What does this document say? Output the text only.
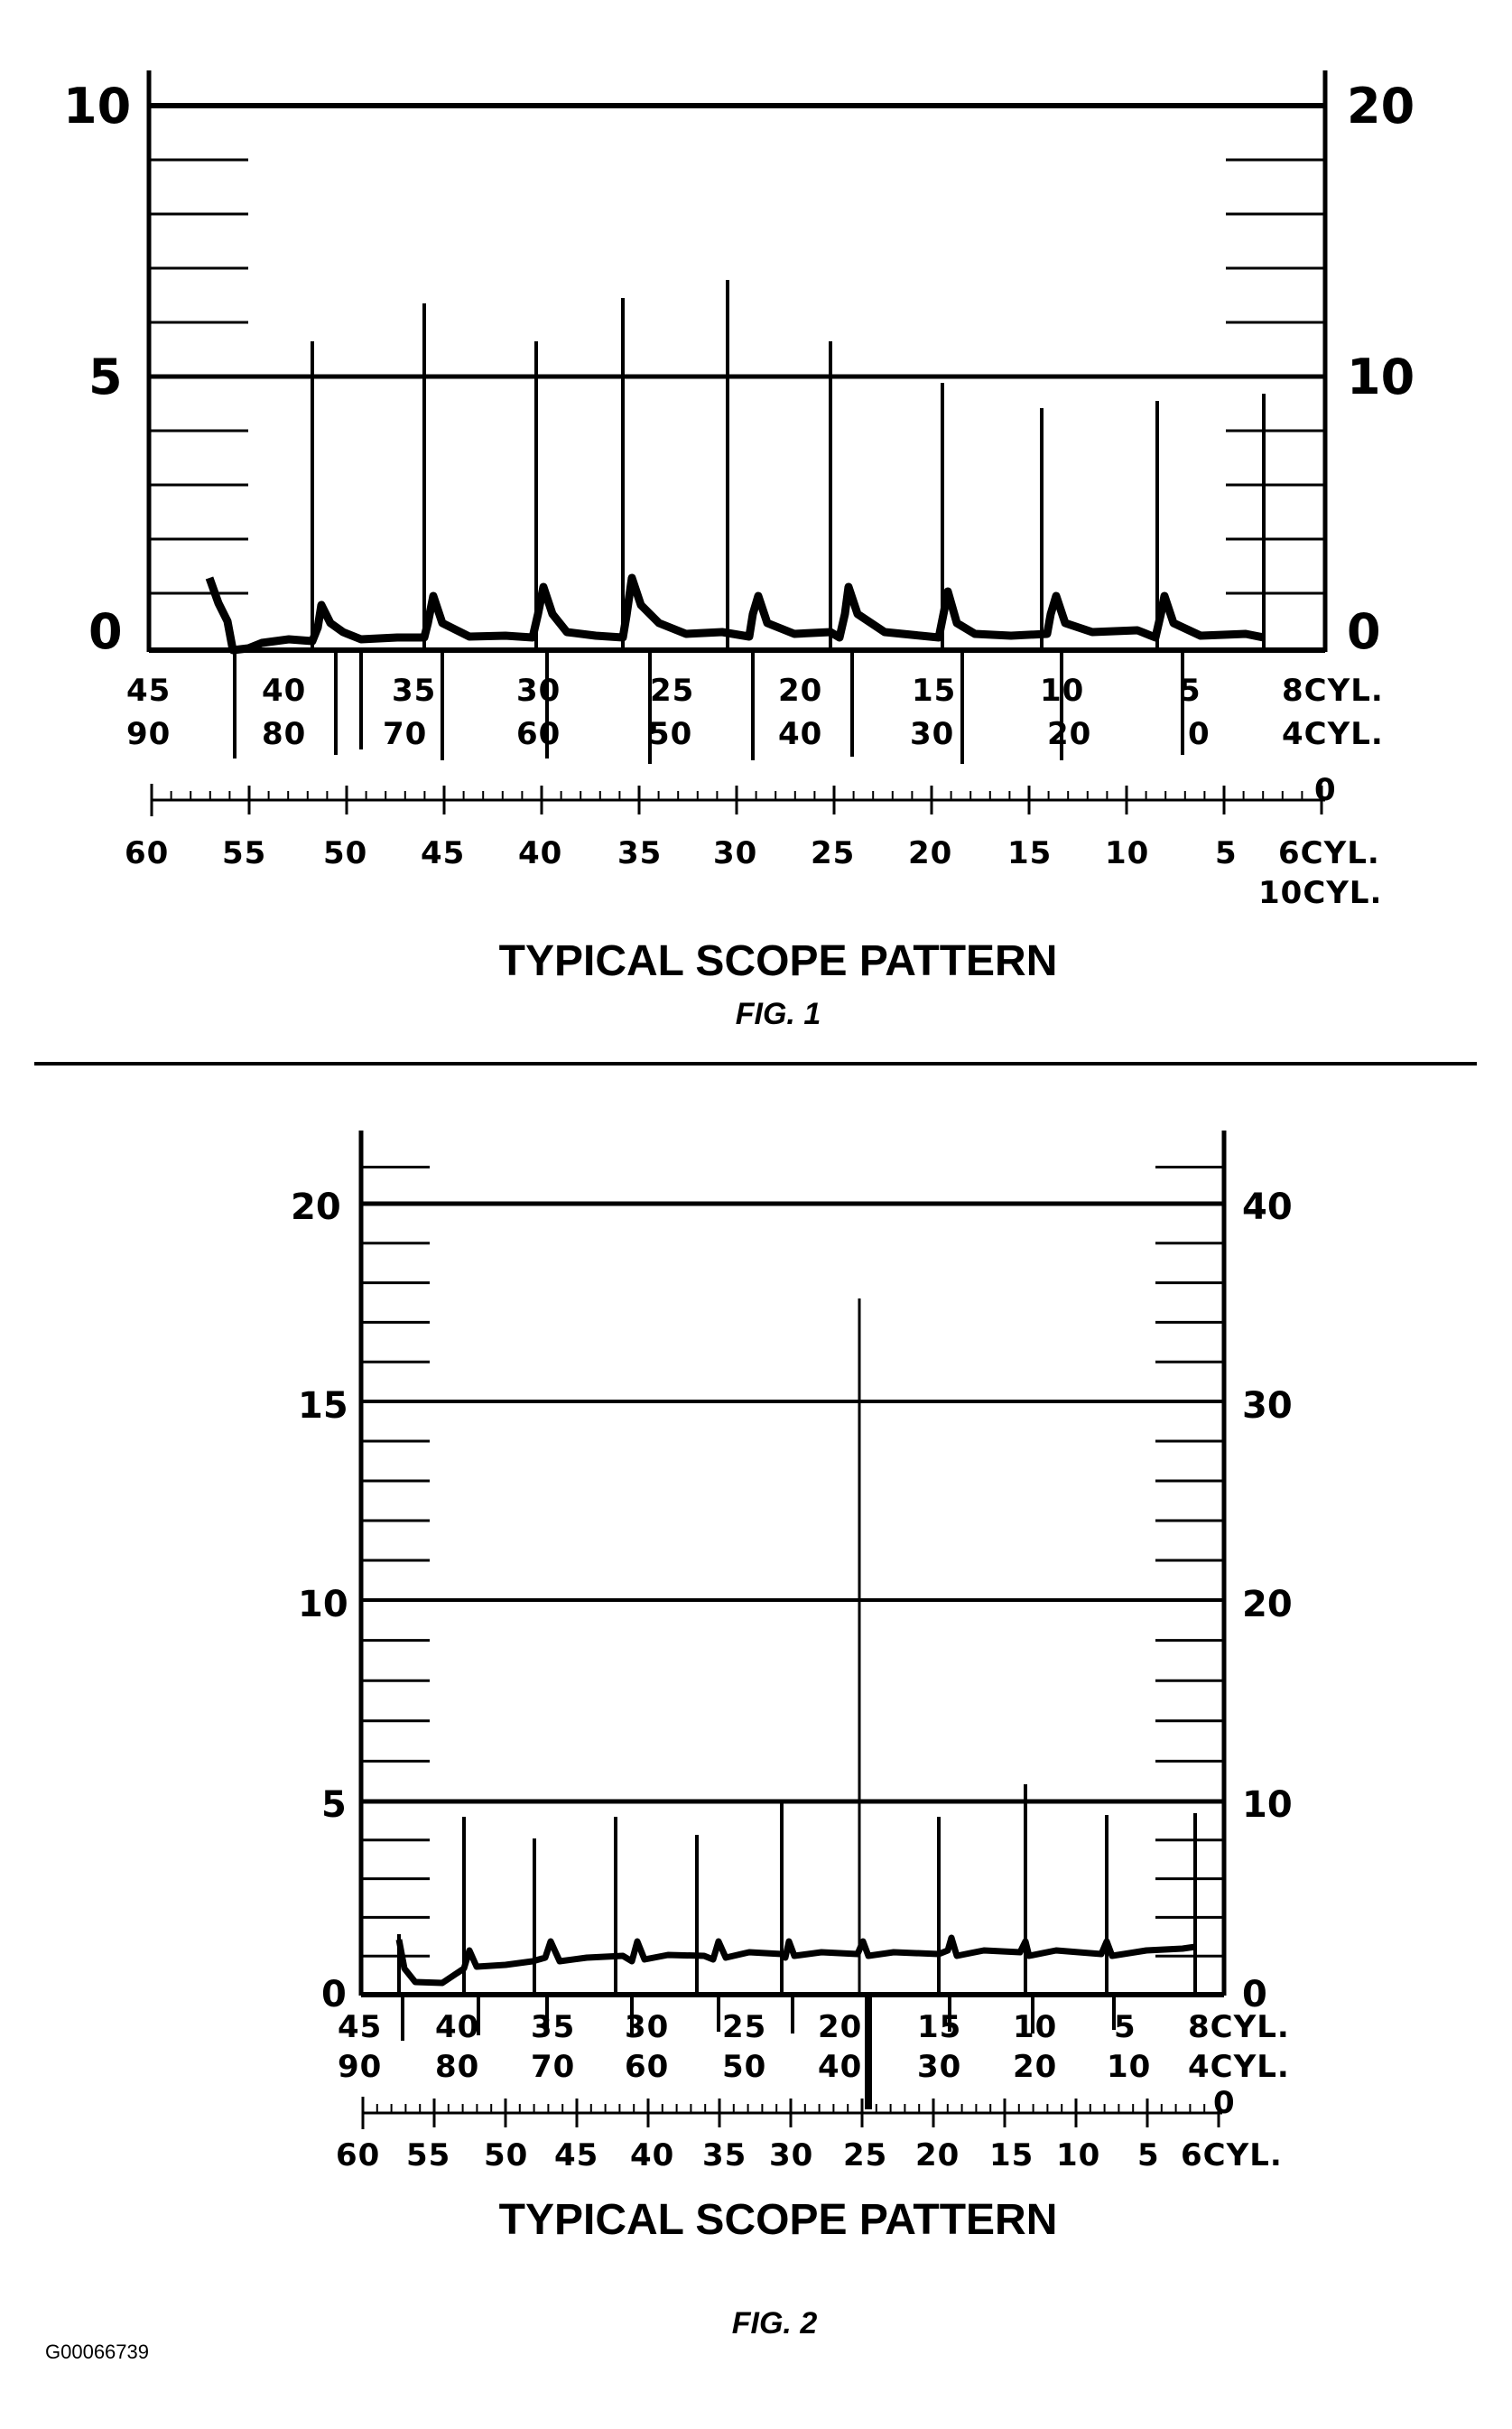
10
5
0
20
10
0
45	40	35	30	25	20	15	10	5	8CYL.
90	80 70	60	50	40	30	20	0 4CYL.
0
60 55 50 45 40 35 30 25 20 15 10 5 6CYL.
10CYL.
TYPICAL SCOPE PATTERN
FIG. 1
20
15
10
5
0
40
30
20
10
0
45 40 35 30 25 20 15 10 5 8CYL.
90 80 70 60 50 40 30 20 10 4CYL.
0
60 55 50 45 40 35 30 25 20 15 10 5 6CYL.
TYPICAL SCOPE PATTERN
FIG. 2
G00066739
